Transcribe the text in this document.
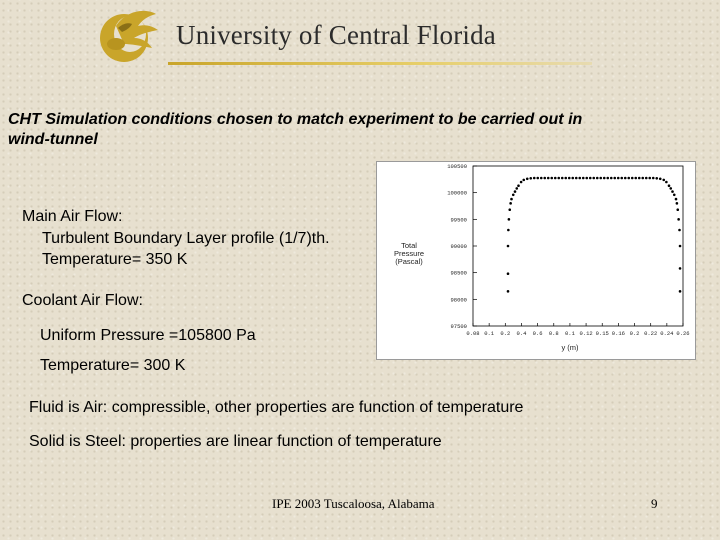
University of Central Florida
CHT Simulation conditions chosen to match experiment to be carried out in wind-tunnel
Main Air Flow:
Turbulent Boundary Layer profile (1/7)th.
Temperature= 350 K
Coolant Air Flow:
Uniform Pressure =105800 Pa
Temperature= 300 K
Fluid is Air: compressible, other properties are function of temperature
Solid is Steel: properties are linear function of temperature
100500
100000
99500
99000
98500
98000
97500
0.08 0.1 0.2 0.4 0.6 0.8 0.1 0.12 0.15 0.16 0.2 0.22 0.24 0.26
Total
Pressure
(Pascal)
y (m)
IPE 2003 Tuscaloosa, Alabama	9
